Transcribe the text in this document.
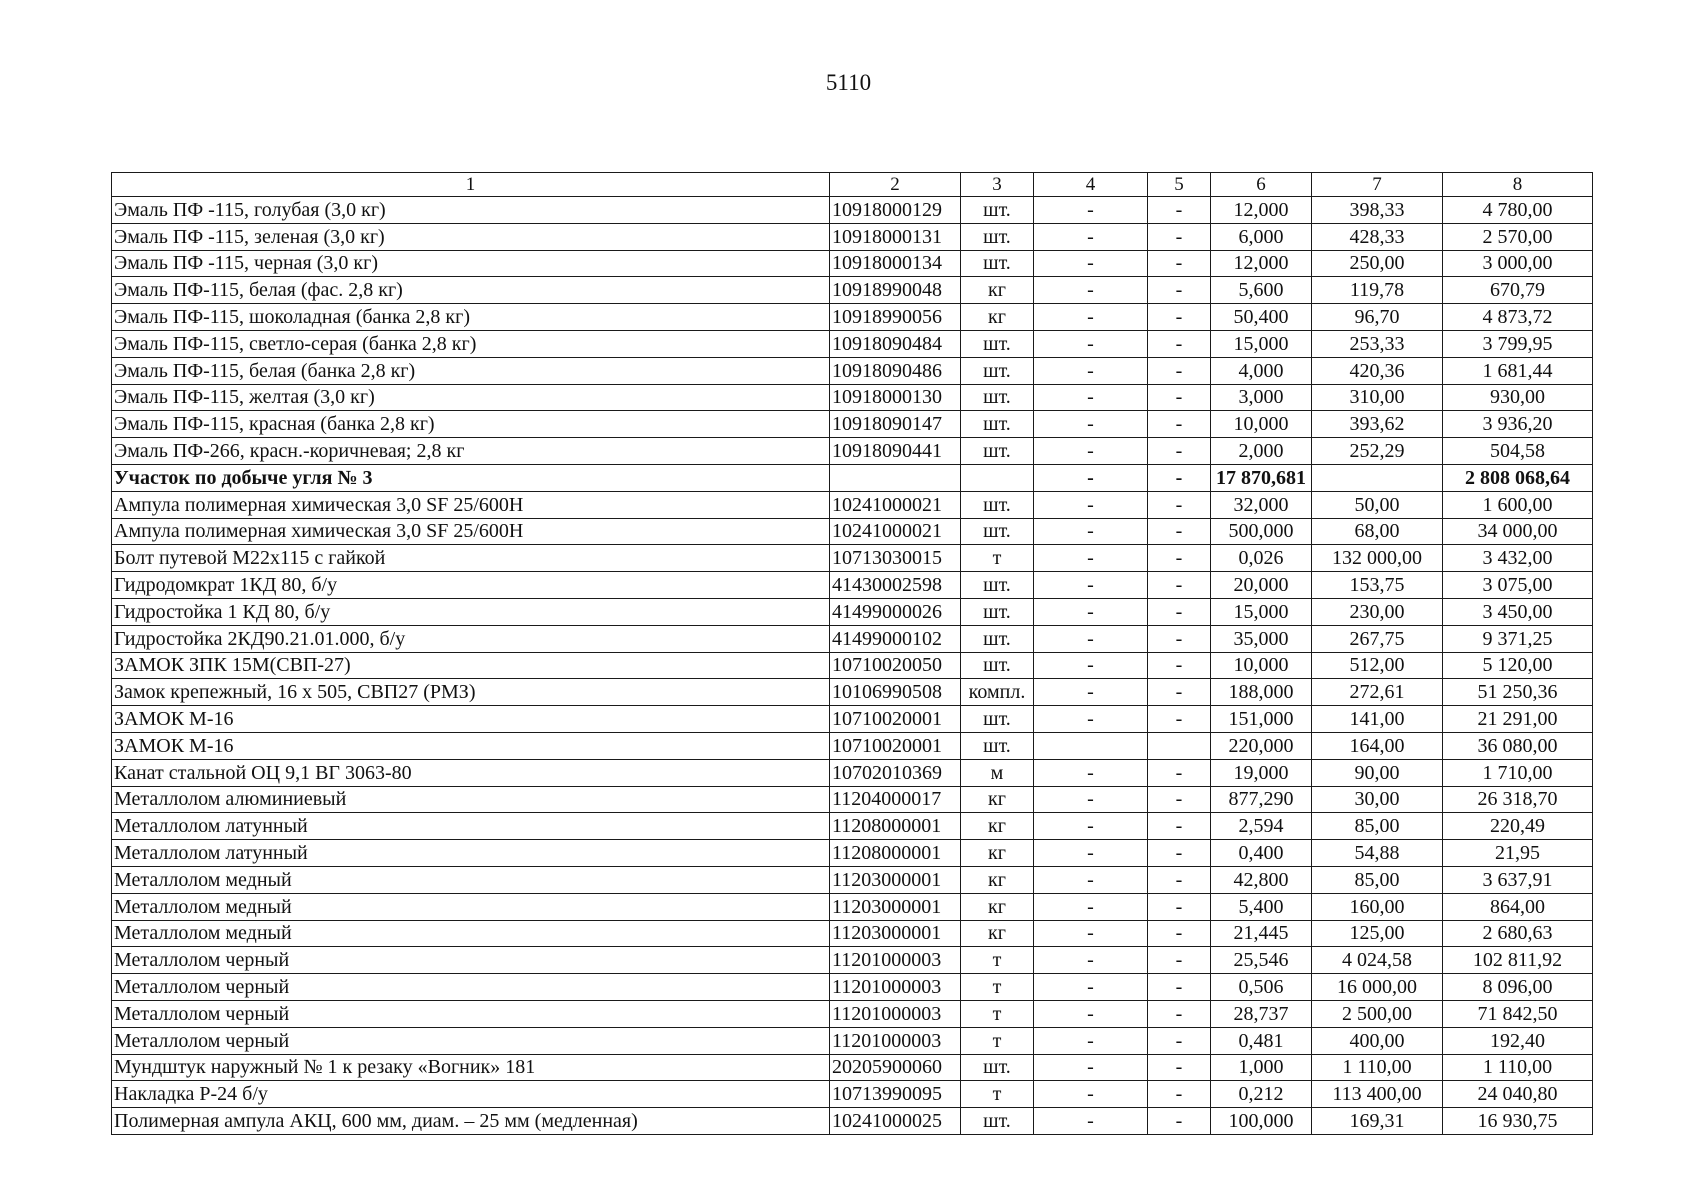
5110
1	2	3	4	5	6	7	8
Эмаль ПФ -115, голубая (3,0 кг)	10918000129	шт.	-	-	12,000	398,33	4 780,00
Эмаль ПФ -115, зеленая (3,0 кг)	10918000131	шт.	-	-	6,000	428,33	2 570,00
Эмаль ПФ -115, черная (3,0 кг)	10918000134	шт.	-	-	12,000	250,00	3 000,00
Эмаль ПФ-115, белая (фас. 2,8 кг)	10918990048	кг	-	-	5,600	119,78	670,79
Эмаль ПФ-115, шоколадная (банка 2,8 кг)	10918990056	кг	-	-	50,400	96,70	4 873,72
Эмаль ПФ-115, светло-серая (банка 2,8 кг)	10918090484	шт.	-	-	15,000	253,33	3 799,95
Эмаль ПФ-115, белая (банка 2,8 кг)	10918090486	шт.	-	-	4,000	420,36	1 681,44
Эмаль ПФ-115, желтая (3,0 кг)	10918000130	шт.	-	-	3,000	310,00	930,00
Эмаль ПФ-115, красная (банка 2,8 кг)	10918090147	шт.	-	-	10,000	393,62	3 936,20
Эмаль ПФ-266, красн.-коричневая; 2,8 кг	10918090441	шт.	-	-	2,000	252,29	504,58
Участок по добыче угля № 3			-	-	17 870,681		2 808 068,64
Ампула полимерная химическая 3,0 SF 25/600Н	10241000021	шт.	-	-	32,000	50,00	1 600,00
Ампула полимерная химическая 3,0 SF 25/600Н	10241000021	шт.	-	-	500,000	68,00	34 000,00
Болт путевой М22х115 с гайкой	10713030015	т	-	-	0,026	132 000,00	3 432,00
Гидродомкрат 1КД 80, б/у	41430002598	шт.	-	-	20,000	153,75	3 075,00
Гидростойка 1 КД 80, б/у	41499000026	шт.	-	-	15,000	230,00	3 450,00
Гидростойка 2КД90.21.01.000, б/у	41499000102	шт.	-	-	35,000	267,75	9 371,25
ЗАМОК ЗПК 15М(СВП-27)	10710020050	шт.	-	-	10,000	512,00	5 120,00
Замок крепежный, 16 х 505, СВП27 (РМЗ)	10106990508	компл.	-	-	188,000	272,61	51 250,36
ЗАМОК М-16	10710020001	шт.	-	-	151,000	141,00	21 291,00
ЗАМОК М-16	10710020001	шт.			220,000	164,00	36 080,00
Канат стальной ОЦ 9,1 ВГ 3063-80	10702010369	м	-	-	19,000	90,00	1 710,00
Металлолом алюминиевый	11204000017	кг	-	-	877,290	30,00	26 318,70
Металлолом латунный	11208000001	кг	-	-	2,594	85,00	220,49
Металлолом латунный	11208000001	кг	-	-	0,400	54,88	21,95
Металлолом медный	11203000001	кг	-	-	42,800	85,00	3 637,91
Металлолом медный	11203000001	кг	-	-	5,400	160,00	864,00
Металлолом медный	11203000001	кг	-	-	21,445	125,00	2 680,63
Металлолом черный	11201000003	т	-	-	25,546	4 024,58	102 811,92
Металлолом черный	11201000003	т	-	-	0,506	16 000,00	8 096,00
Металлолом черный	11201000003	т	-	-	28,737	2 500,00	71 842,50
Металлолом черный	11201000003	т	-	-	0,481	400,00	192,40
Мундштук наружный № 1 к резаку «Вогник» 181	20205900060	шт.	-	-	1,000	1 110,00	1 110,00
Накладка Р-24 б/у	10713990095	т	-	-	0,212	113 400,00	24 040,80
Полимерная ампула АКЦ, 600 мм, диам. – 25 мм (медленная)	10241000025	шт.	-	-	100,000	169,31	16 930,75
